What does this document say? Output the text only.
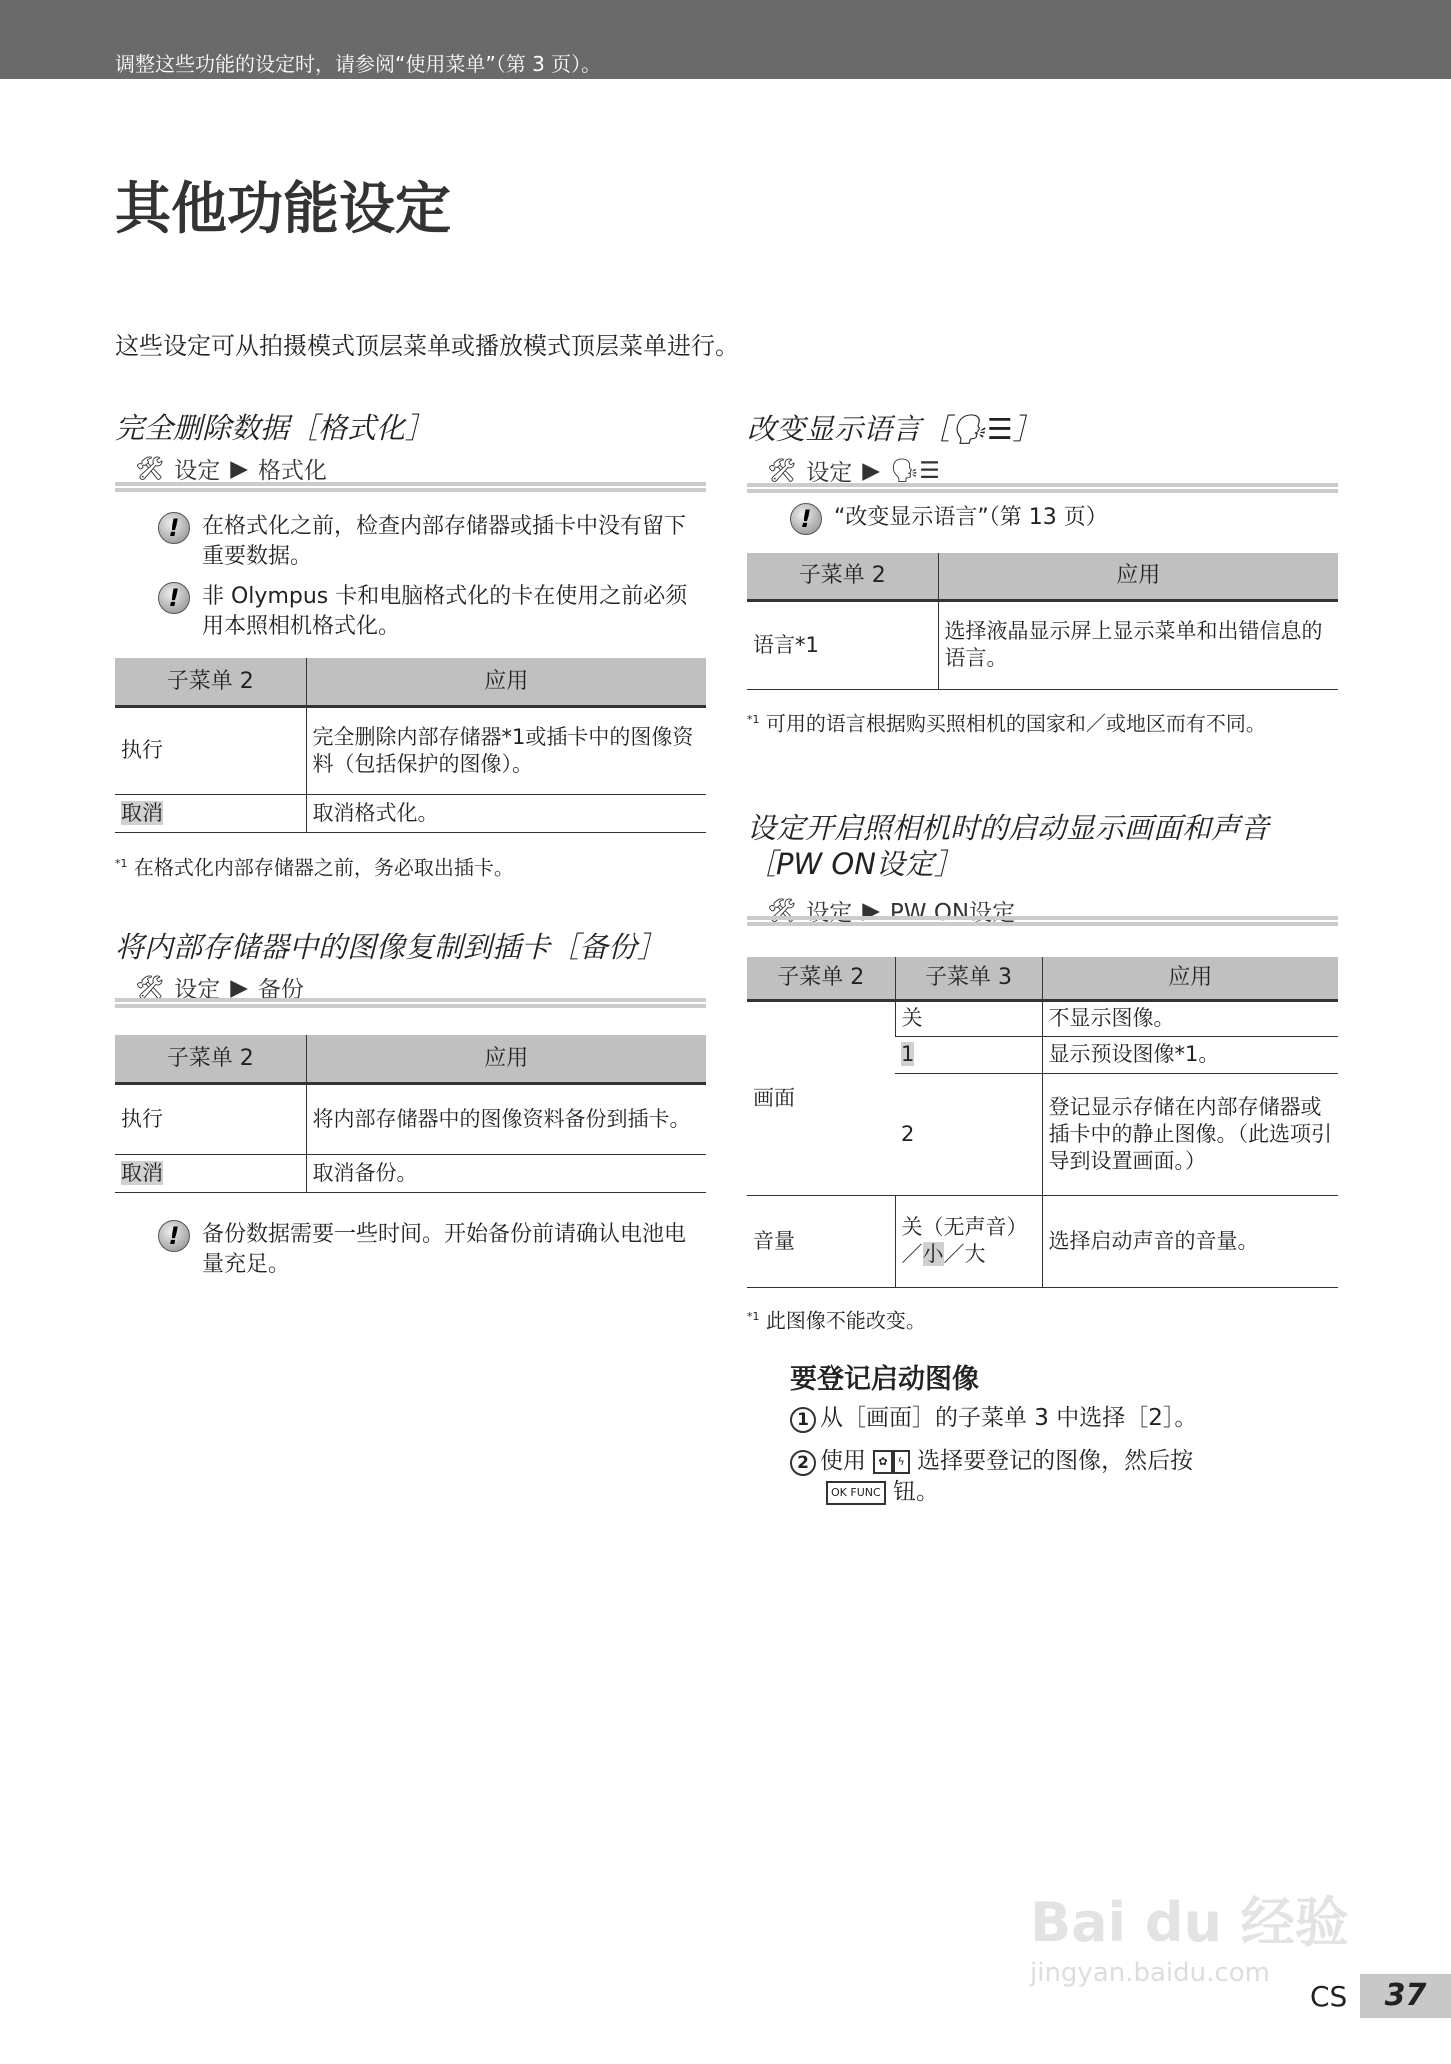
调整这些功能的设定时，请参阅“使用菜单”（第 3 页）。
其他功能设定
这些设定可从拍摄模式顶层菜单或播放模式顶层菜单进行。
完全删除数据［格式化］
🛠 设定 ▶ 格式化
!	在格式化之前，检查内部存储器或插卡中没有留下重要数据。
!	非 Olympus 卡和电脑格式化的卡在使用之前必须用本照相机格式化。
子菜单 2	应用
执行	完全删除内部存储器*1或插卡中的图像资料（包括保护的图像）。
取消	取消格式化。
$^{*1}$ 在格式化内部存储器之前，务必取出插卡。
将内部存储器中的图像复制到插卡［备份］
🛠 设定 ▶ 备份
子菜单 2	应用
执行	将内部存储器中的图像资料备份到插卡。
取消	取消备份。
!	备份数据需要一些时间。开始备份前请确认电池电量充足。
改变显示语言［🗣☰］
🛠 设定 ▶ 🗣☰
!	“改变显示语言”（第 13 页）
子菜单 2	应用
语言*1	选择液晶显示屏上显示菜单和出错信息的语言。
$^{*1}$ 可用的语言根据购买照相机的国家和／或地区而有不同。
设定开启照相机时的启动显示画面和声音
［PW ON设定］
🛠 设定 ▶ PW ON设定
子菜单 2	子菜单 3	应用
画面	关	不显示图像。
	1	显示预设图像*1。
	2	登记显示存储在内部存储器或插卡中的静止图像。（此选项引导到设置画面。）
音量	关（无声音）／小／大	选择启动声音的音量。
$^{*1}$ 此图像不能改变。
要登记启动图像
1 从［画面］的子菜单 3 中选择［2］。
2 使用 ✿ ϟ 选择要登记的图像，然后按
OK FUNC 钮。
Bai du 经验
jingyan.baidu.com
CS	37
